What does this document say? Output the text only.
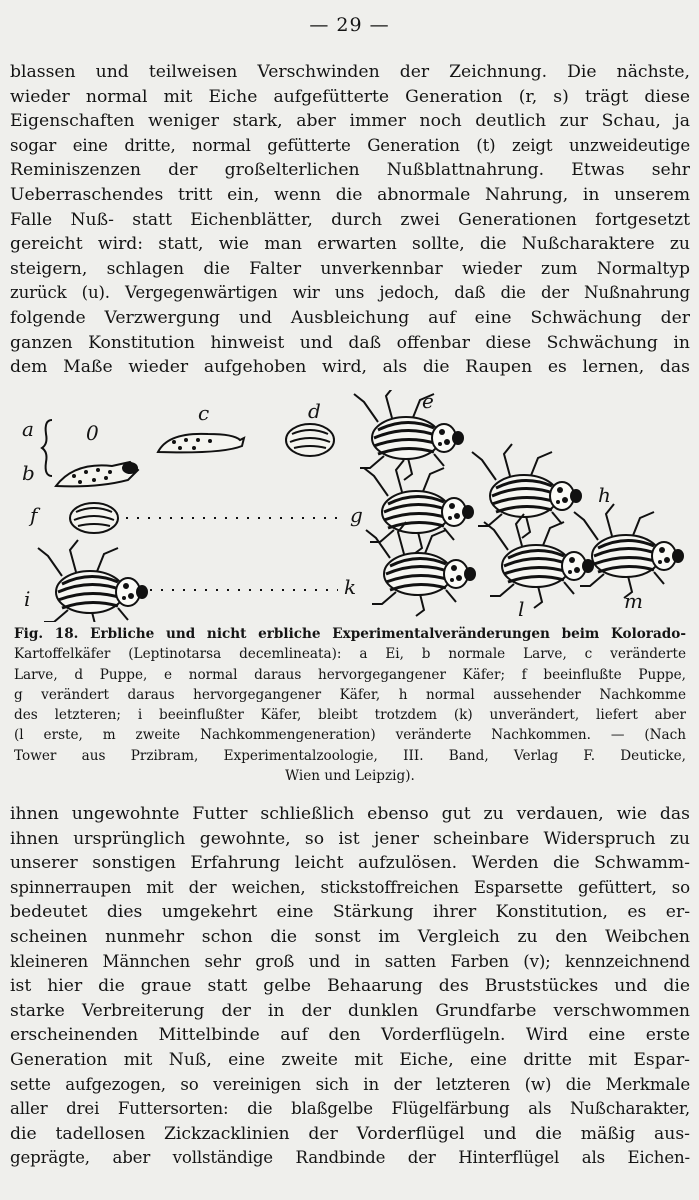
— 29 —
blassen und teilweisen Verschwinden der Zeichnung. Die nächste,
wieder normal mit Eiche aufgefütterte Generation (r, s) trägt diese
Eigenschaften weniger stark, aber immer noch deutlich zur Schau, ja
sogar eine dritte, normal gefütterte Generation (t) zeigt unzweideutige
Reminiszenzen der großelterlichen Nußblattnahrung. Etwas sehr
Ueberraschendes tritt ein, wenn die abnormale Nahrung, in unserem
Falle Nuß- statt Eichenblätter, durch zwei Generationen fortgesetzt
gereicht wird: statt, wie man erwarten sollte, die Nußcharaktere zu
steigern, schlagen die Falter unverkennbar wieder zum Normaltyp
zurück (u). Vergegenwärtigen wir uns jedoch, daß die der Nußnahrung
folgende Verzwergung und Ausbleichung auf eine Schwächung der
ganzen Konstitution hinweist und daß offenbar diese Schwächung in
dem Maße wieder aufgehoben wird, als die Raupen es lernen, das
a	0
c	d	e
b
h
f	g
i	k
l	m
Fig. 18. Erbliche und nicht erbliche Experimentalveränderungen beim Kolorado-
Kartoffelkäfer (Leptinotarsa decemlineata): a Ei, b normale Larve, c veränderte
Larve, d Puppe, e normal daraus hervorgegangener Käfer; f beeinflußte Puppe,
g verändert daraus hervorgegangener Käfer, h normal aussehender Nachkomme
des letzteren; i beeinflußter Käfer, bleibt trotzdem (k) unverändert, liefert aber
(l erste, m zweite Nachkommengeneration) veränderte Nachkommen. — (Nach
Tower aus Przibram, Experimentalzoologie, III. Band, Verlag F. Deuticke,
Wien und Leipzig).
ihnen ungewohnte Futter schließlich ebenso gut zu verdauen, wie das
ihnen ursprünglich gewohnte, so ist jener scheinbare Widerspruch zu
unserer sonstigen Erfahrung leicht aufzulösen. Werden die Schwamm-
spinnerraupen mit der weichen, stickstoffreichen Esparsette gefüttert, so
bedeutet dies umgekehrt eine Stärkung ihrer Konstitution, es er-
scheinen nunmehr schon die sonst im Vergleich zu den Weibchen
kleineren Männchen sehr groß und in satten Farben (v); kennzeichnend
ist hier die graue statt gelbe Behaarung des Bruststückes und die
starke Verbreiterung der in der dunklen Grundfarbe verschwommen
erscheinenden Mittelbinde auf den Vorderflügeln. Wird eine erste
Generation mit Nuß, eine zweite mit Eiche, eine dritte mit Espar-
sette aufgezogen, so vereinigen sich in der letzteren (w) die Merkmale
aller drei Futtersorten: die blaßgelbe Flügelfärbung als Nußcharakter,
die tadellosen Zickzacklinien der Vorderflügel und die mäßig aus-
geprägte, aber vollständige Randbinde der Hinterflügel als Eichen-
